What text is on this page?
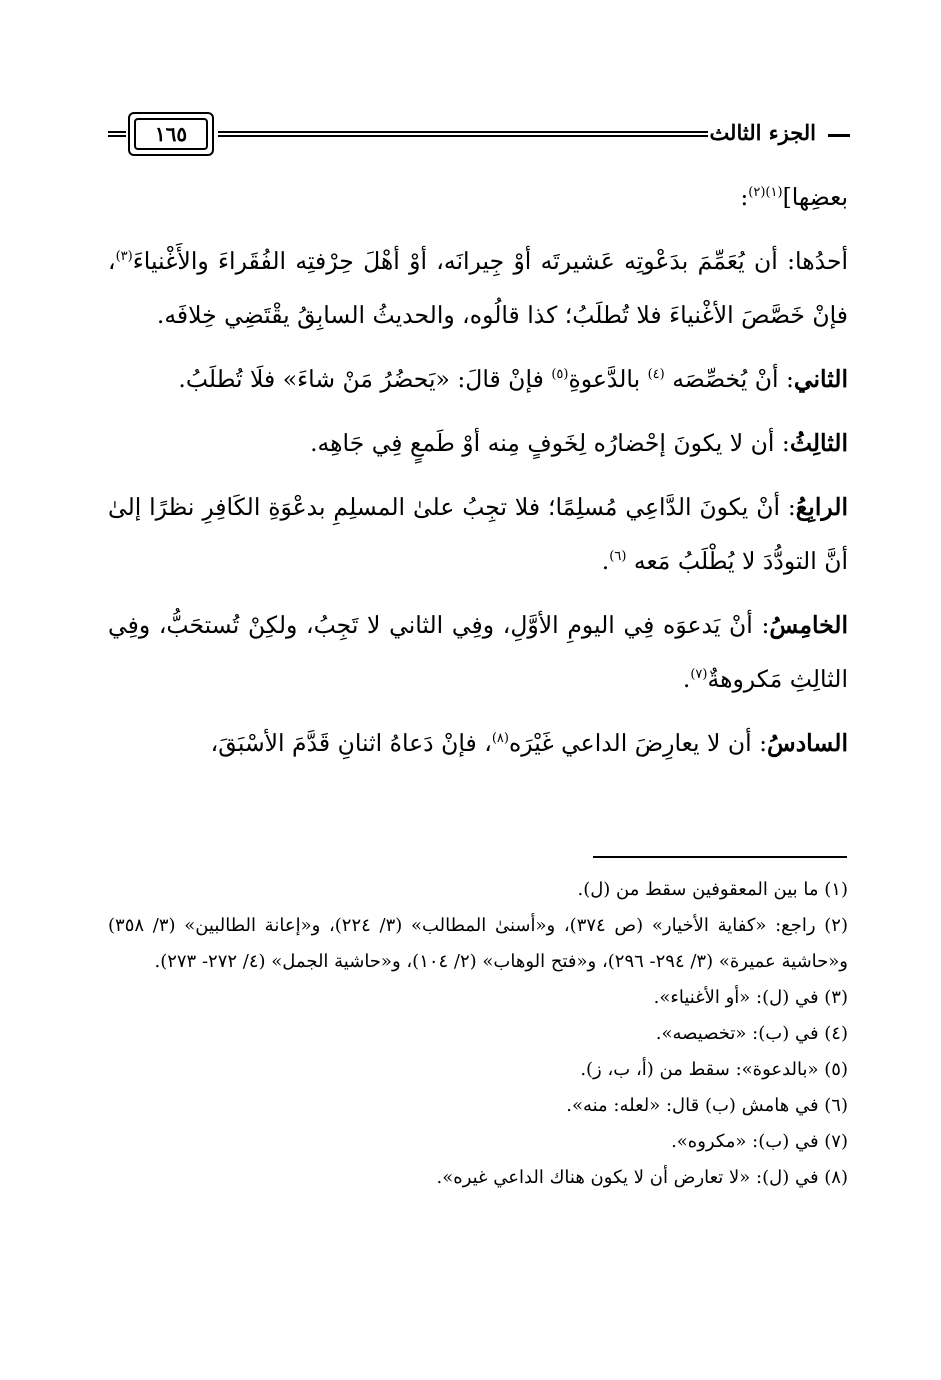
الجزء الثالث
١٦٥

بعضِها]$^{(١)(٢)}$:

أحدُها: أن يُعَمِّمَ بدَعْوتِه عَشيرتَه أوْ جِيرانَه، أوْ أهْلَ حِرْفتِه الفُقَراءَ والأَغْنياءَ$^{(٣)}$، فإنْ خَصَّصَ الأغْنياءَ فلا تُطلَبُ؛ كذا قالُوه، والحديثُ السابِقُ يقْتَضِي خِلافَه.

الثاني: أنْ يُخصِّصَه $^{(٤)}$ بالدَّعوةِ$^{(٥)}$ فإنْ قالَ: «يَحضُرُ مَنْ شاءَ» فلَا تُطلَبُ.

الثالِثُ: أن لا يكونَ إحْضارُه لِخَوفٍ مِنه أوْ طَمعٍ فِي جَاهِه.

الرابِعُ: أنْ يكونَ الدَّاعِي مُسلِمًا؛ فلا تجِبُ علىٰ المسلِمِ بدعْوَةِ الكَافِرِ نظرًا إلىٰ أنَّ التودُّدَ لا يُطْلَبُ مَعه $^{(٦)}$.

الخامِسُ: أنْ يَدعوَه فِي اليومِ الأوَّلِ، وفِي الثاني لا تَجِبُ، ولكِنْ تُستحَبُّ، وفِي الثالِثِ مَكروهةٌ$^{(٧)}$.

السادسُ: أن لا يعارِضَ الداعي غَيْرَه$^{(٨)}$، فإنْ دَعاهُ اثنانِ قَدَّمَ الأسْبَقَ،

(١) ما بين المعقوفين سقط من (ل).

(٢) راجع: «كفاية الأخيار» (ص ٣٧٤)، و«أسنىٰ المطالب» (٣/ ٢٢٤)، و«إعانة الطالبين» (٣/ ٣٥٨) و«حاشية عميرة» (٣/ ٢٩٤- ٢٩٦)، و«فتح الوهاب» (٢/ ١٠٤)، و«حاشية الجمل» (٤/ ٢٧٢- ٢٧٣).

(٣) في (ل): «أو الأغنياء».

(٤) في (ب): «تخصيصه».

(٥) «بالدعوة»: سقط من (أ، ب، ز).

(٦) في هامش (ب) قال: «لعله: منه».

(٧) في (ب): «مكروه».

(٨) في (ل): «لا تعارض أن لا يكون هناك الداعي غيره».
